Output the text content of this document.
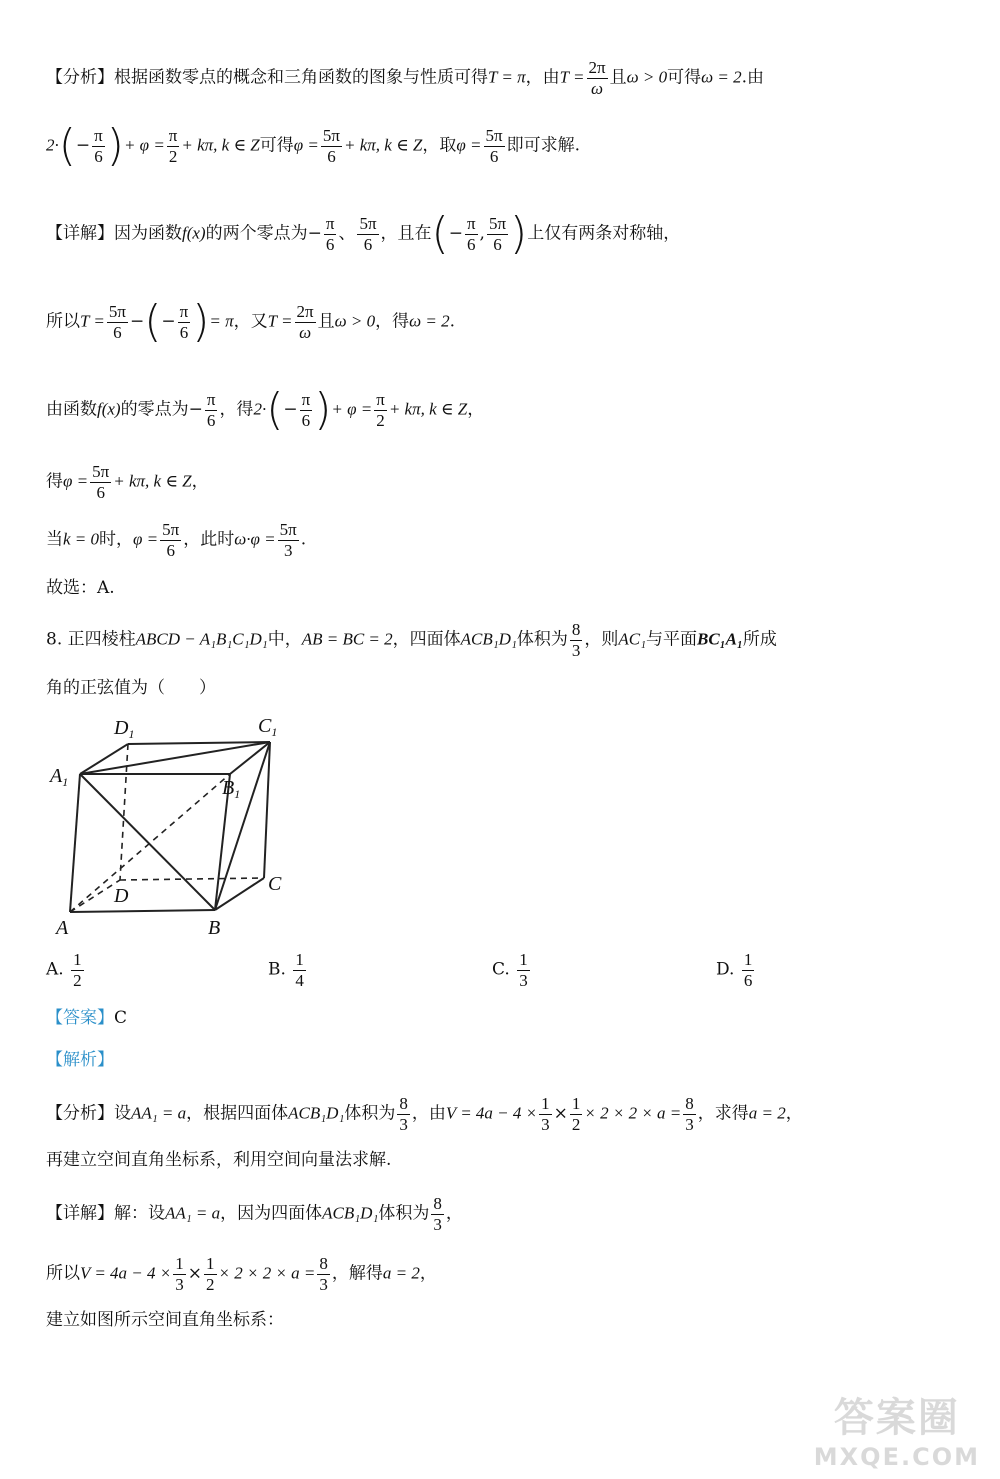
【分析】根据函数零点的概念和三角函数的图象与性质可得T = π，由$T = \frac{2\pi}{\omega}$ 且ω > 0可得ω = 2.由
$2\cdot(- \frac{\pi}{6}$ )+ $\varphi = \frac{\pi}{2} + k\pi$, k ∈ Z可得$\varphi = \frac{5\pi}{6} + k\pi$, k ∈ Z，取$\varphi = \frac{5\pi}{6}$ 即可求解.
【详解】因为函数f(x)的两个零点为− $\frac{\pi}{6}$ 、 $\frac{5\pi}{6}$ ，且在(− $\frac{\pi}{6}$ , $\frac{5\pi}{6}$ )上仅有两条对称轴，
所以$T = \frac{5\pi}{6}$ −(− $\frac{\pi}{6}$ )= π，又$T = \frac{2\pi}{\omega}$ 且ω > 0，得ω = 2.
由函数f(x)的零点为− $\frac{\pi}{6}$ ，得$2\cdot(- \frac{\pi}{6}$ )+ $\varphi = \frac{\pi}{2} + k\pi$, k ∈ Z，
得$\varphi = \frac{5\pi}{6} + k\pi$, k ∈ Z，
当k = 0时，$\varphi = \frac{5\pi}{6}$ ，此时$\omega\cdot\varphi = \frac{5\pi}{3}$ .
故选：A.
8. 正四棱柱ABCD − A₁B₁C₁D₁中，AB = BC = 2，四面体ACB₁D₁体积为 $\frac{8}{3}$ ，则AC₁与平面BC₁A₁所成
角的正弦值为（　　）
$D_1$	$C_1$
$A_1$	$B_1$
D
C
A	B
A. $\frac{1}{2}$	B. $\frac{1}{4}$	C. $\frac{1}{3}$	D. $\frac{1}{6}$
【答案】C
【解析】
【分析】设AA₁ = a，根据四面体ACB₁D₁体积为 $\frac{8}{3}$ ，由$V = 4a - 4 \times \frac{1}{3} \times \frac{1}{2} \times 2 \times 2 \times a = \frac{8}{3}$ ，求得a = 2，
再建立空间直角坐标系，利用空间向量法求解.
【详解】解：设AA₁ = a，因为四面体ACB₁D₁体积为 $\frac{8}{3}$ ，
所以$V = 4a - 4 \times \frac{1}{3} \times \frac{1}{2} \times 2 \times 2 \times a = \frac{8}{3}$ ，解得a = 2，
建立如图所示空间直角坐标系：
答案圈
MXQE.COM
